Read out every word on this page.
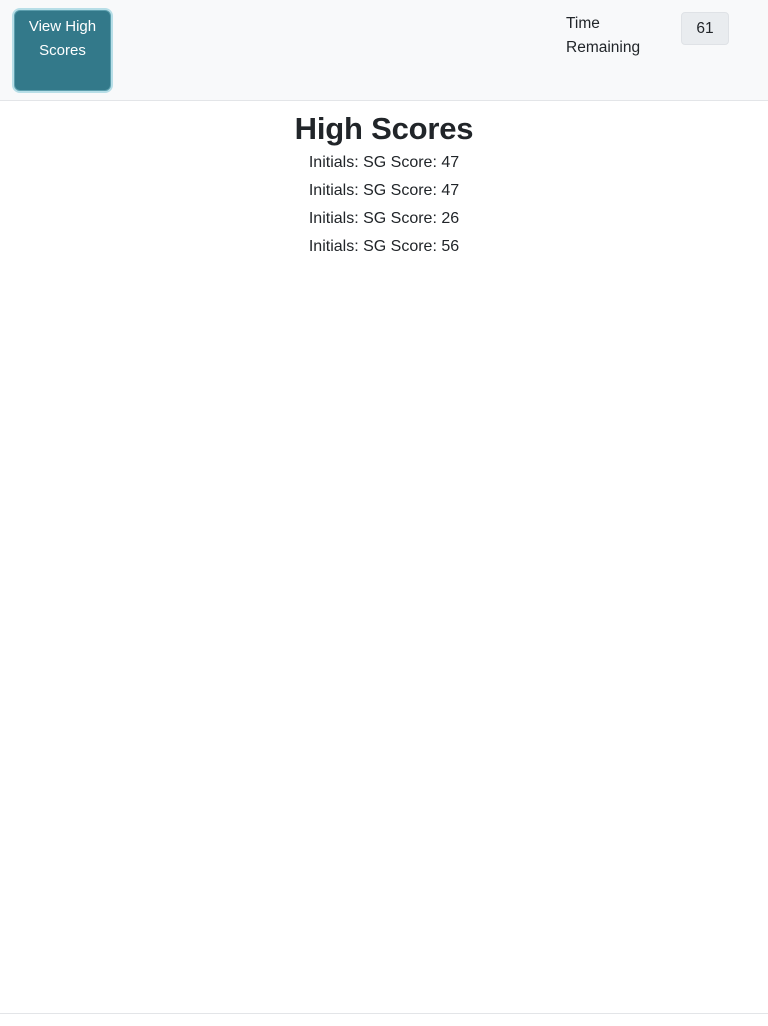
View High Scores
Time Remaining
61
High Scores
Initials: SG Score: 47
Initials: SG Score: 47
Initials: SG Score: 26
Initials: SG Score: 56
